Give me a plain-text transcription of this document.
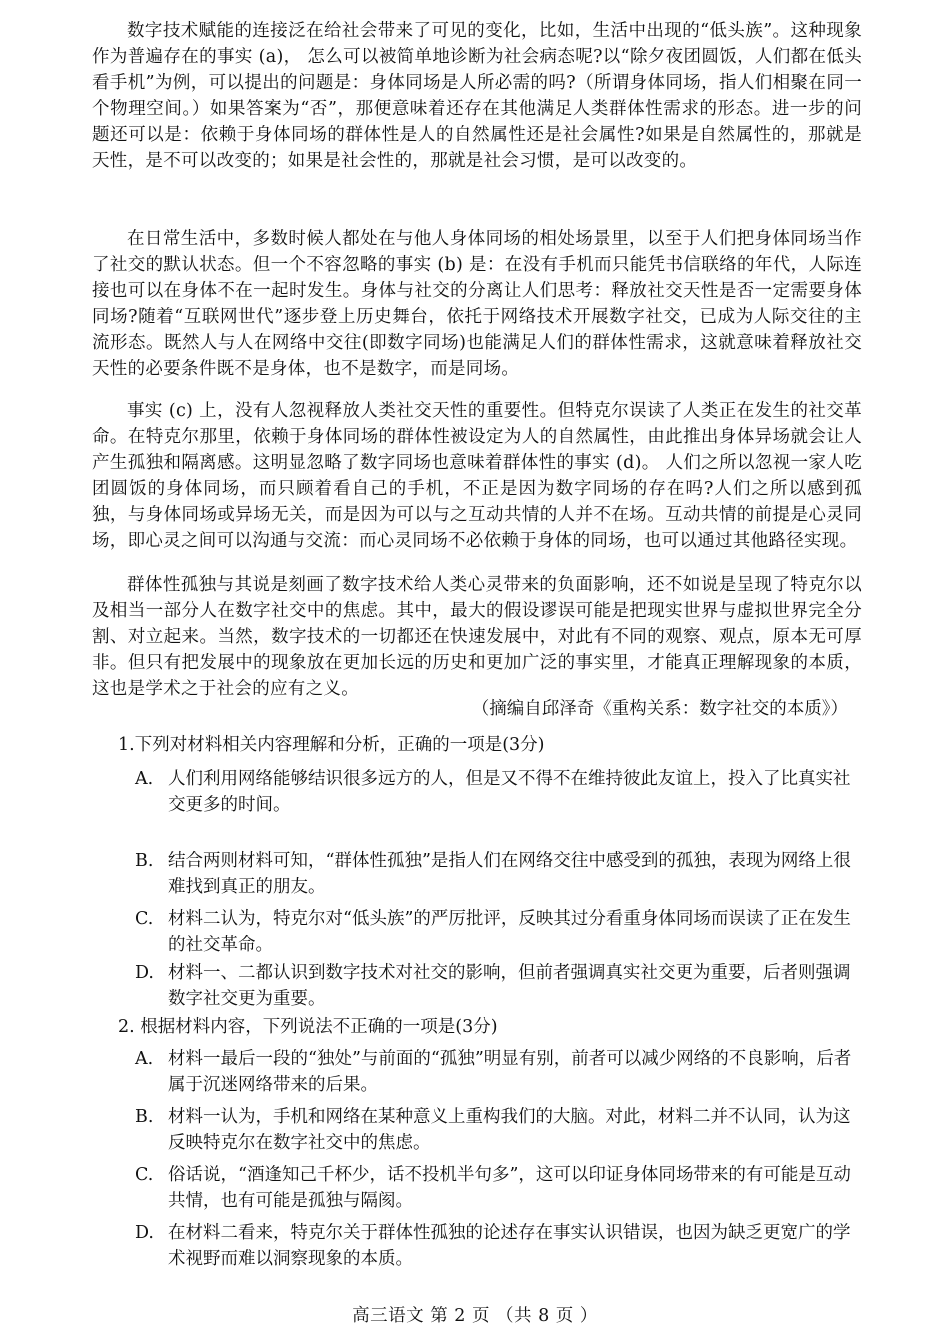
数字技术赋能的连接泛在给社会带来了可见的变化，比如，生活中出现的“低头族”。这种现象作为普遍存在的事实 (a)， 怎么可以被简单地诊断为社会病态呢?以“除夕夜团圆饭，人们都在低头看手机”为例，可以提出的问题是：身体同场是人所必需的吗?（所谓身体同场，指人们相聚在同一个物理空间。）如果答案为“否”，那便意味着还存在其他满足人类群体性需求的形态。进一步的问题还可以是：依赖于身体同场的群体性是人的自然属性还是社会属性?如果是自然属性的，那就是天性，是不可以改变的；如果是社会性的，那就是社会习惯，是可以改变的。

在日常生活中，多数时候人都处在与他人身体同场的相处场景里，以至于人们把身体同场当作了社交的默认状态。但一个不容忽略的事实 (b) 是：在没有手机而只能凭书信联络的年代，人际连接也可以在身体不在一起时发生。身体与社交的分离让人们思考：释放社交天性是否一定需要身体同场?随着“互联网世代”逐步登上历史舞台，依托于网络技术开展数字社交，已成为人际交往的主流形态。既然人与人在网络中交往(即数字同场)也能满足人们的群体性需求，这就意味着释放社交天性的必要条件既不是身体，也不是数字，而是同场。

事实 (c) 上，没有人忽视释放人类社交天性的重要性。但特克尔误读了人类正在发生的社交革命。在特克尔那里，依赖于身体同场的群体性被设定为人的自然属性，由此推出身体异场就会让人产生孤独和隔离感。这明显忽略了数字同场也意味着群体性的事实 (d)。 人们之所以忽视一家人吃团圆饭的身体同场，而只顾着看自己的手机，不正是因为数字同场的存在吗?人们之所以感到孤独，与身体同场或异场无关，而是因为可以与之互动共情的人并不在场。互动共情的前提是心灵同场，即心灵之间可以沟通与交流：而心灵同场不必依赖于身体的同场，也可以通过其他路径实现。

群体性孤独与其说是刻画了数字技术给人类心灵带来的负面影响，还不如说是呈现了特克尔以及相当一部分人在数字社交中的焦虑。其中，最大的假设谬误可能是把现实世界与虚拟世界完全分割、对立起来。当然，数字技术的一切都还在快速发展中，对此有不同的观察、观点，原本无可厚非。但只有把发展中的现象放在更加长远的历史和更加广泛的事实里，才能真正理解现象的本质，这也是学术之于社会的应有之义。

（摘编自邱泽奇《重构关系：数字社交的本质》）

1.下列对材料相关内容理解和分析，正确的一项是(3分)

A. 人们利用网络能够结识很多远方的人，但是又不得不在维持彼此友谊上，投入了比真实社交更多的时间。
B. 结合两则材料可知，“群体性孤独”是指人们在网络交往中感受到的孤独，表现为网络上很难找到真正的朋友。
C. 材料二认为，特克尔对“低头族”的严厉批评，反映其过分看重身体同场而误读了正在发生的社交革命。
D. 材料一、二都认识到数字技术对社交的影响，但前者强调真实社交更为重要，后者则强调数字社交更为重要。

2. 根据材料内容，下列说法不正确的一项是(3分)

A. 材料一最后一段的“独处”与前面的“孤独”明显有别，前者可以减少网络的不良影响，后者属于沉迷网络带来的后果。
B. 材料一认为，手机和网络在某种意义上重构我们的大脑。对此，材料二并不认同，认为这反映特克尔在数字社交中的焦虑。
C. 俗话说，“酒逢知己千杯少，话不投机半句多”，这可以印证身体同场带来的有可能是互动共情，也有可能是孤独与隔阂。
D. 在材料二看来，特克尔关于群体性孤独的论述存在事实认识错误，也因为缺乏更宽广的学术视野而难以洞察现象的本质。
高三语文 第 2 页 （共 8 页 ）
